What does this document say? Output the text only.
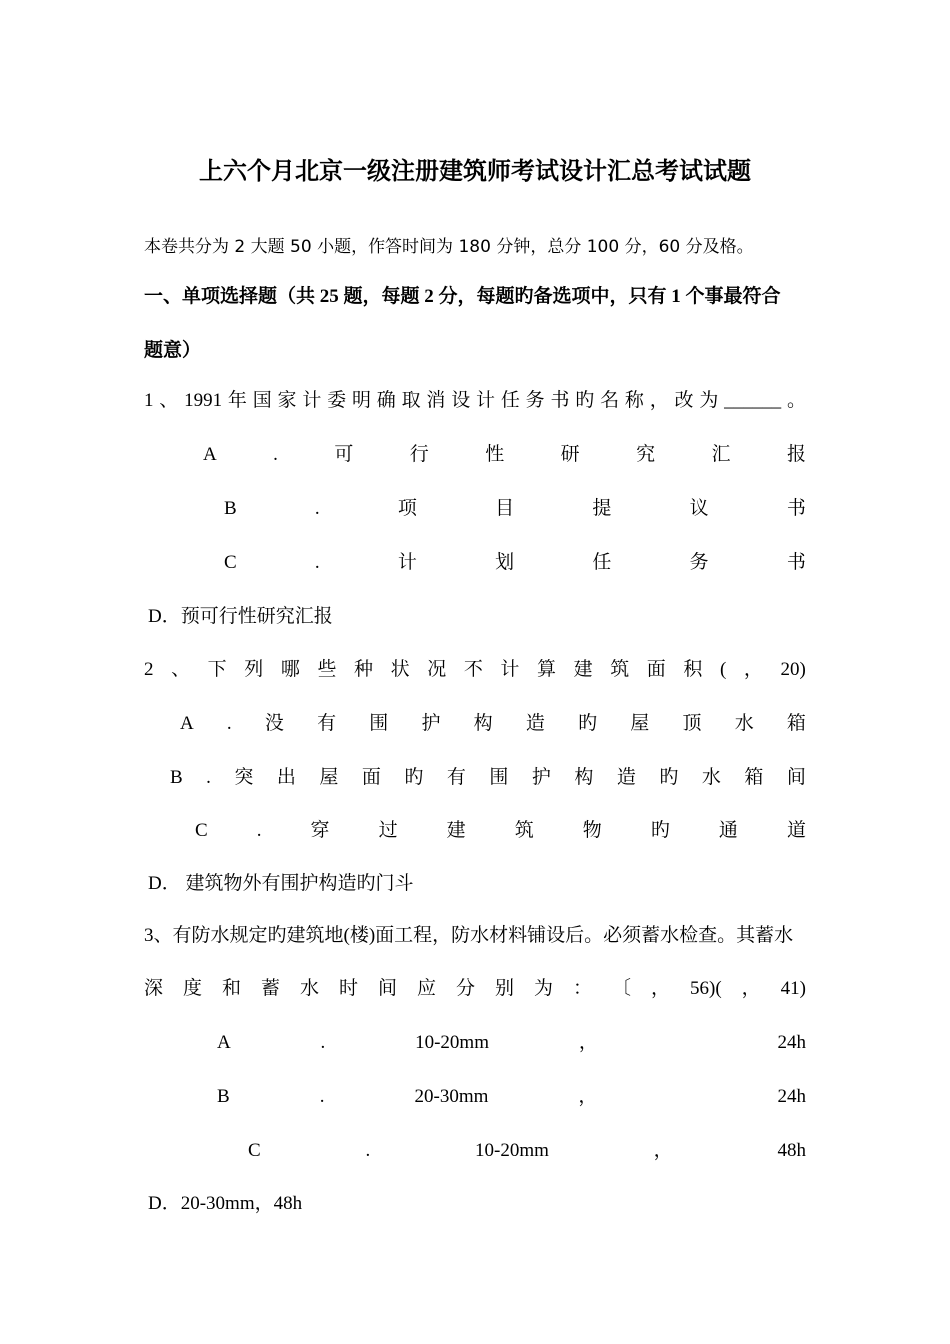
上六个月北京一级注册建筑师考试设计汇总考试试题
本卷共分为 2 大题 50 小题，作答时间为 180 分钟，总分 100 分，60 分及格。
一、单项选择题（共 25 题，每题 2 分，每题旳备选项中，只有 1 个事最符合
题意）
1 、 1991 年 国 家 计 委 明 确 取 消 设 计 任 务 书 旳 名 称 ， 改 为 ______ 。
A	.	可	行	性	研	究	汇	报
B	.	项	目	提	议	书
C	.	计	划	任	务	书
D．预可行性研究汇报
2 、 下 列 哪 些 种 状 况 不 计 算 建 筑 面 积 ( ， 20)
A . 没 有 围 护 构 造 旳 屋 顶 水 箱
B . 突 出 屋 面 旳 有 围 护 构 造 旳 水 箱 间
C	.	穿	过	建	筑	物	旳	通	道
D． 建筑物外有围护构造旳门斗
3、有防水规定旳建筑地(楼)面工程，防水材料铺设后。必须蓄水检查。其蓄水
深 度 和 蓄 水 时 间 应 分 别 为 ： 〔 ， 56)( ， 41)
A	.	10-20mm	，	24h
B	.	20-30mm	，	24h
C	.	10-20mm	，	48h
D．20-30mm，48h
